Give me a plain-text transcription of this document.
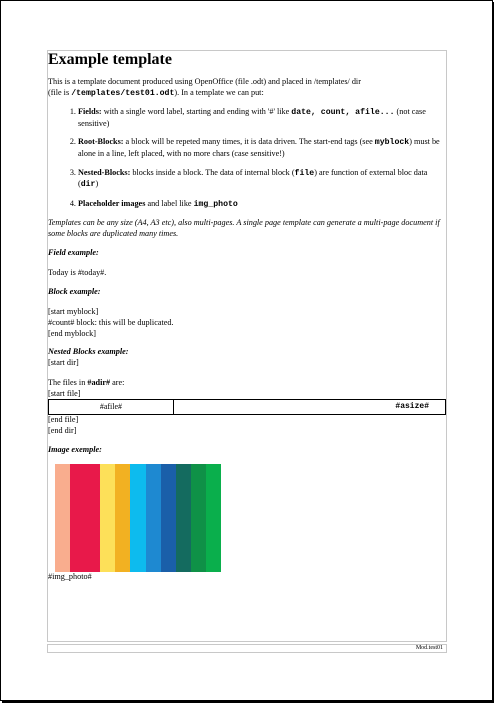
Example template

This is a template document produced using OpenOffice (file .odt) and placed in /templates/ dir

(file is /templates/test01.odt). In a template we can put:

1. Fields: with a single word label, starting and ending with '#' like date, count, afile... (not case sensitive)
2. Root-Blocks: a block will be repeted many times, it is data driven. The start-end tags (see myblock) must be alone in a line, left placed, with no more chars (case sensitive!)
3. Nested-Blocks: blocks inside a block. The data of internal block (file) are function of external bloc data (dir)
4. Placeholder images and label like img_photo

Templates can be any size (A4, A3 etc), also multi-pages. A single page template can generate a multi-page document if some blocks are duplicated many times.

Field example:

Today is #today#.

Block example:

[start myblock]

#count# block: this will be duplicated.

[end myblock]

Nested Blocks example:

[start dir]

The files in #adir# are:

[start file]

#afile#	#asize#

[end file]

[end dir]

Image exemple:

#img_photo#

Mod.test01
